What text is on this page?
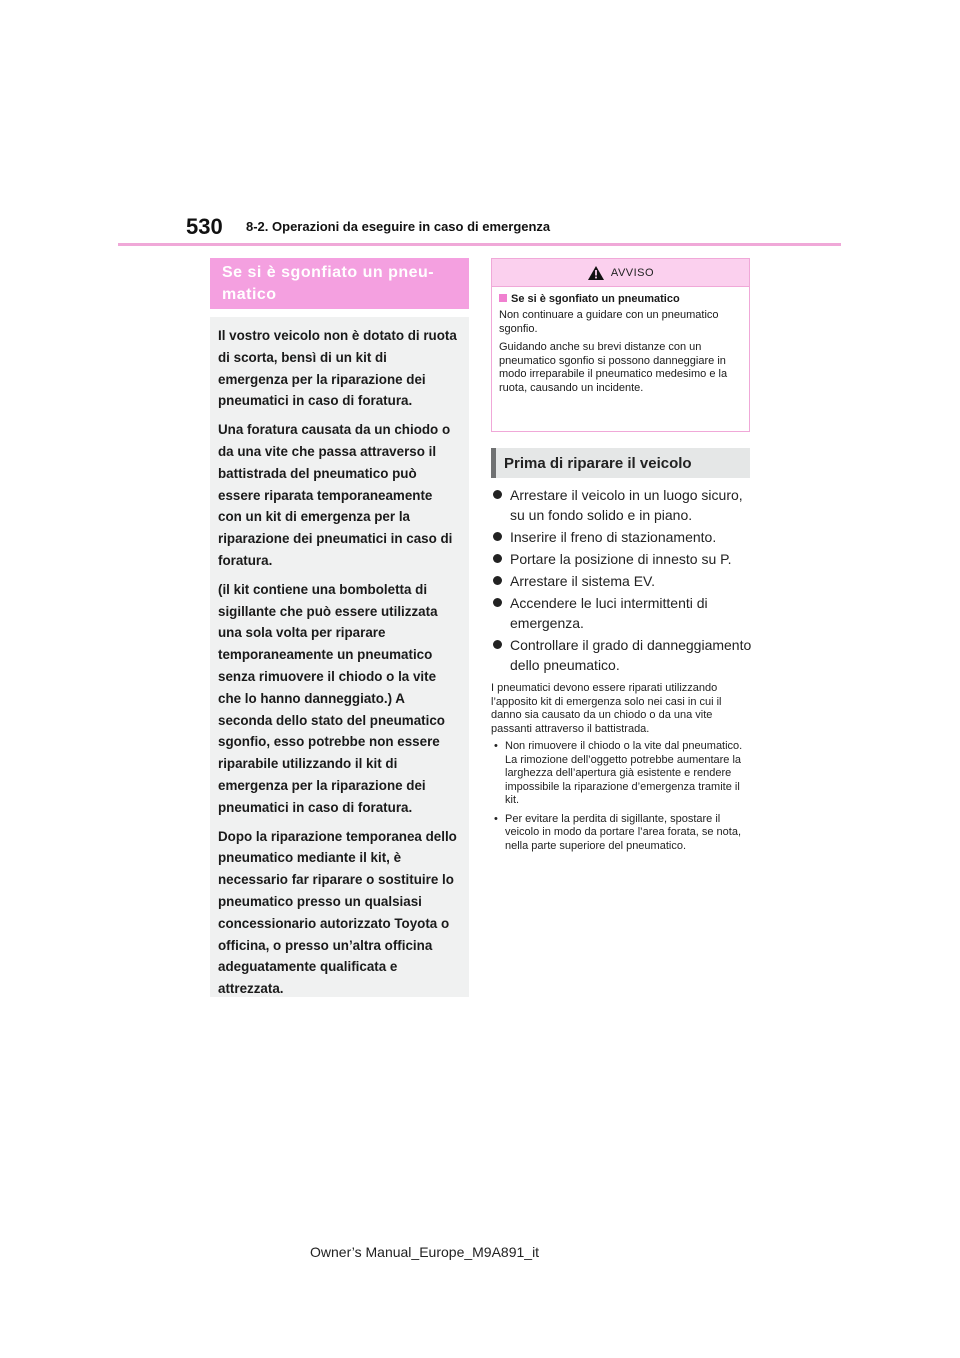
530 8-2. Operazioni da eseguire in caso di emergenza
Se si è sgonfiato un pneu-
matico

Il vostro veicolo non è dotato di ruota di scorta, bensì di un kit di emergenza per la riparazione dei pneumatici in caso di foratura.

Una foratura causata da un chiodo o da una vite che passa attraverso il battistrada del pneumatico può essere riparata temporaneamente con un kit di emergenza per la riparazione dei pneumatici in caso di foratura.

(il kit contiene una bomboletta di sigillante che può essere utilizzata una sola volta per riparare temporaneamente un pneumatico senza rimuovere il chiodo o la vite che lo hanno danneggiato.) A seconda dello stato del pneumatico sgonfio, esso potrebbe non essere riparabile utilizzando il kit di emergenza per la riparazione dei pneumatici in caso di foratura.

Dopo la riparazione temporanea dello pneumatico mediante il kit, è necessario far riparare o sostituire lo pneumatico presso un qualsiasi concessionario autorizzato Toyota o officina, o presso un’altra officina adeguatamente qualificata e attrezzata.

AVVISO
Se si è sgonfiato un pneumatico

Non continuare a guidare con un pneumatico sgonfio.

Guidando anche su brevi distanze con un pneumatico sgonfio si possono danneggiare in modo irreparabile il pneumatico medesimo e la ruota, causando un incidente.

Prima di riparare il veicolo
Arrestare il veicolo in un luogo sicuro, su un fondo solido e in piano.
Inserire il freno di stazionamento.
Portare la posizione di innesto su P.
Arrestare il sistema EV.
Accendere le luci intermittenti di emergenza.
Controllare il grado di danneggiamento dello pneumatico.

I pneumatici devono essere riparati utilizzando l’apposito kit di emergenza solo nei casi in cui il danno sia causato da un chiodo o da una vite passanti attraverso il battistrada.

• Non rimuovere il chiodo o la vite dal pneumatico. La rimozione dell’oggetto potrebbe aumentare la larghezza dell’apertura già esistente e rendere impossibile la riparazione d’emergenza tramite il kit.
• Per evitare la perdita di sigillante, spostare il veicolo in modo da portare l’area forata, se nota, nella parte superiore del pneumatico.
Owner’s Manual_Europe_M9A891_it
